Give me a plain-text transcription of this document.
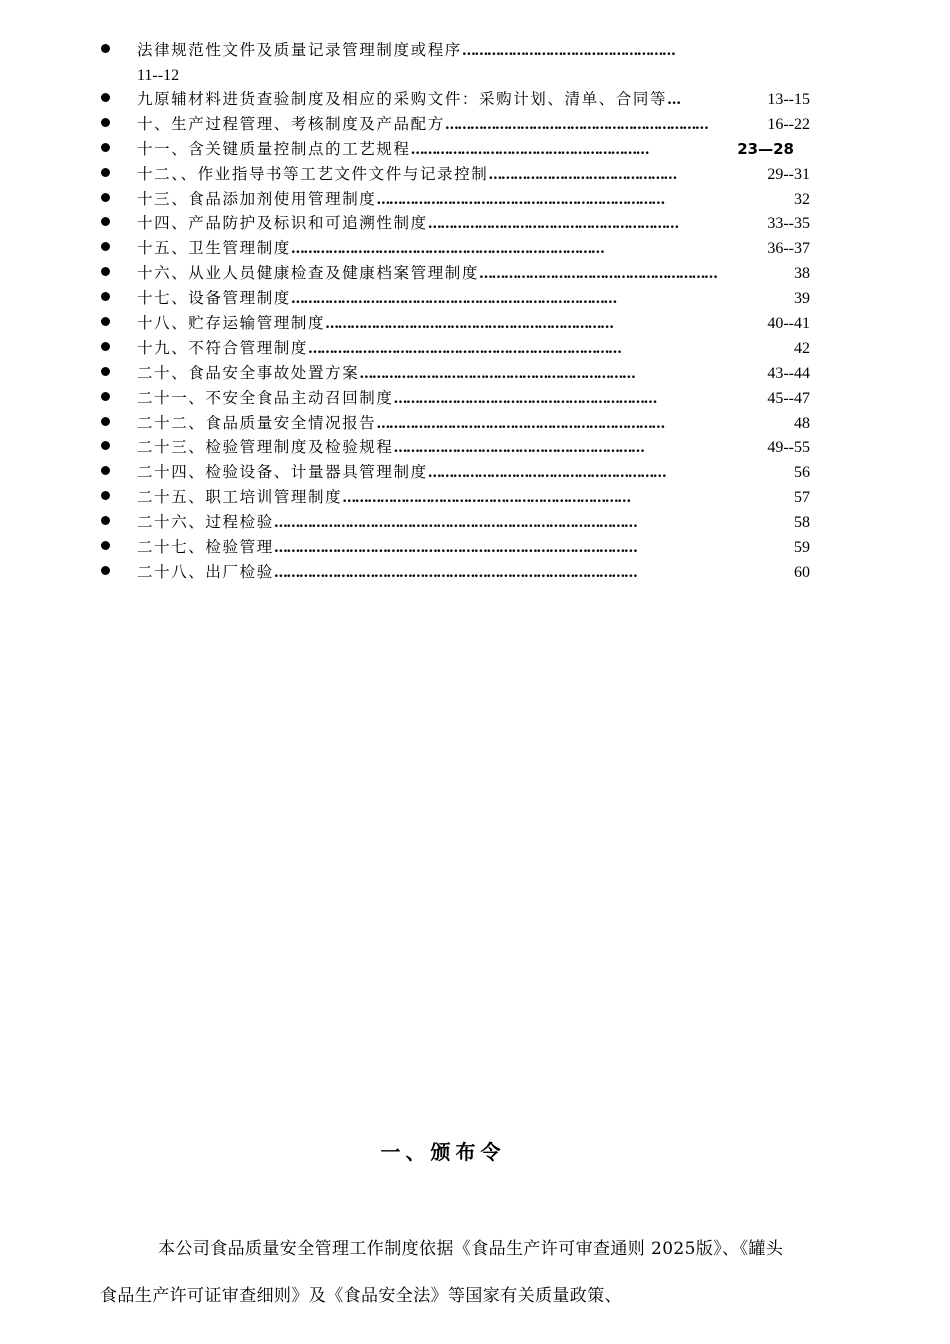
法律规范性文件及质量记录管理制度或程序 ……………………………………………
11--12
九原辅材料进货查验制度及相应的采购文件：采购计划、清单、合同等 …	13--15
十、生产过程管理、考核制度及产品配方 ………………………………………………………	16--22
十一、含关键质量控制点的工艺规程 …………………………………………………	23—28
十二、、作业指导书等工艺文件文件与记录控制 ………………………………………	29--31
十三、食品添加剂使用管理制度 ……………………………………………………………	32
十四、产品防护及标识和可追溯性制度 ……………………………………………………	33--35
十五、卫生管理制度 …………………………………………………………………	36--37
十六、从业人员健康检查及健康档案管理制度 …………………………………………………	38
十七、设备管理制度 ……………………………………………………………………	39
十八、贮存运输管理制度 ……………………………………………………………	40--41
十九、不符合管理制度 …………………………………………………………………	42
二十、食品安全事故处置方案 …………………………………………………………	43--44
二十一、不安全食品主动召回制度 ………………………………………………………	45--47
二十二、食品质量安全情况报告 ……………………………………………………………	48
二十三、检验管理制度及检验规程 ……………………………………………………	49--55
二十四、检验设备、计量器具管理制度 …………………………………………………	56
二十五、职工培训管理制度 ……………………………………………………………	57
二十六、过程检验 ……………………………………………………………………………	58
二十七、检验管理 ……………………………………………………………………………	59
二十八、出厂检验 ……………………………………………………………………………	60
一、颁布令
本公司食品质量安全管理工作制度依据《食品生产许可审查通则 2025版》、《罐头食品生产许可证审查细则》及《食品安全法》等国家有关质量政策、
